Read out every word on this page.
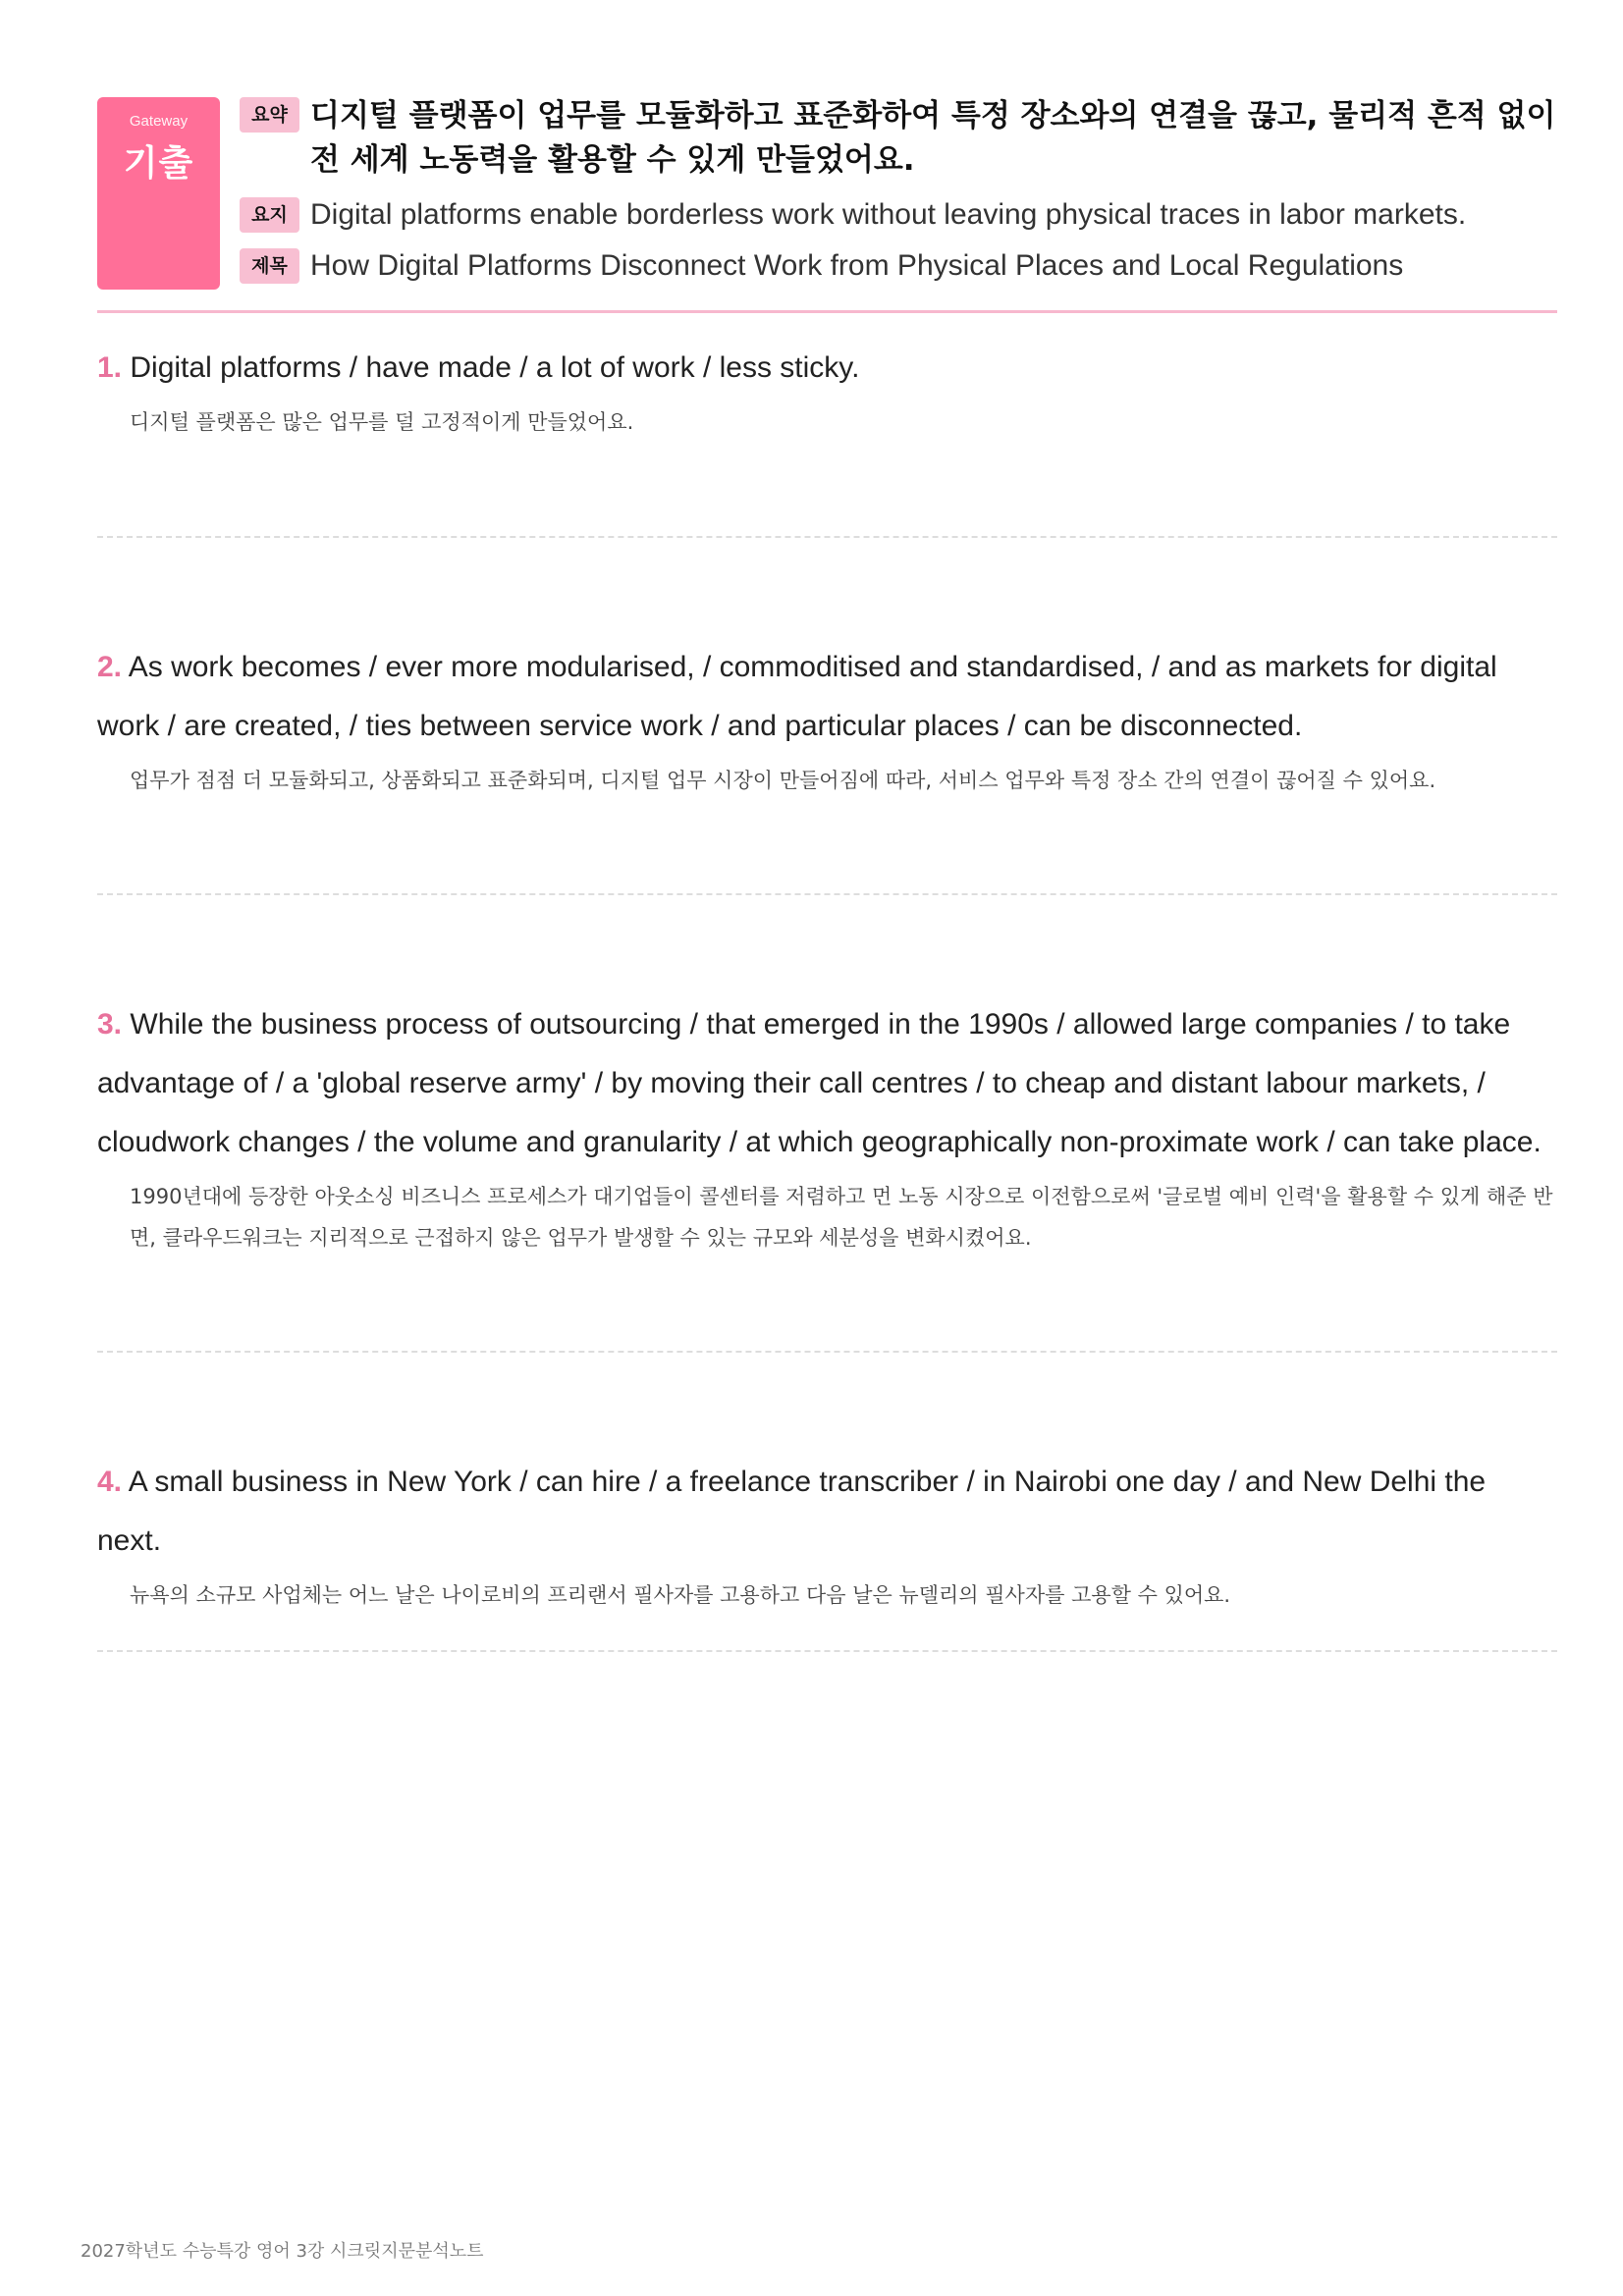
Gateway
기출
요약 디지털 플랫폼이 업무를 모듈화하고 표준화하여 특정 장소와의 연결을 끊고, 물리적 흔적 없이 전 세계 노동력을 활용할 수 있게 만들었어요.
요지 Digital platforms enable borderless work without leaving physical traces in labor markets.
제목 How Digital Platforms Disconnect Work from Physical Places and Local Regulations
1. Digital platforms / have made / a lot of work / less sticky.
디지털 플랫폼은 많은 업무를 덜 고정적이게 만들었어요.
2. As work becomes / ever more modularised, / commoditised and standardised, / and as markets for digital work / are created, / ties between service work / and particular places / can be disconnected.
업무가 점점 더 모듈화되고, 상품화되고 표준화되며, 디지털 업무 시장이 만들어짐에 따라, 서비스 업무와 특정 장소 간의 연결이 끊어질 수 있어요.
3. While the business process of outsourcing / that emerged in the 1990s / allowed large companies / to take advantage of / a 'global reserve army' / by moving their call centres / to cheap and distant labour markets, / cloudwork changes / the volume and granularity / at which geographically non-proximate work / can take place.
1990년대에 등장한 아웃소싱 비즈니스 프로세스가 대기업들이 콜센터를 저렴하고 먼 노동 시장으로 이전함으로써 '글로벌 예비 인력'을 활용할 수 있게 해준 반면, 클라우드워크는 지리적으로 근접하지 않은 업무가 발생할 수 있는 규모와 세분성을 변화시켰어요.
4. A small business in New York / can hire / a freelance transcriber / in Nairobi one day / and New Delhi the next.
뉴욕의 소규모 사업체는 어느 날은 나이로비의 프리랜서 필사자를 고용하고 다음 날은 뉴델리의 필사자를 고용할 수 있어요.
2027학년도 수능특강 영어 3강 시크릿지문분석노트
